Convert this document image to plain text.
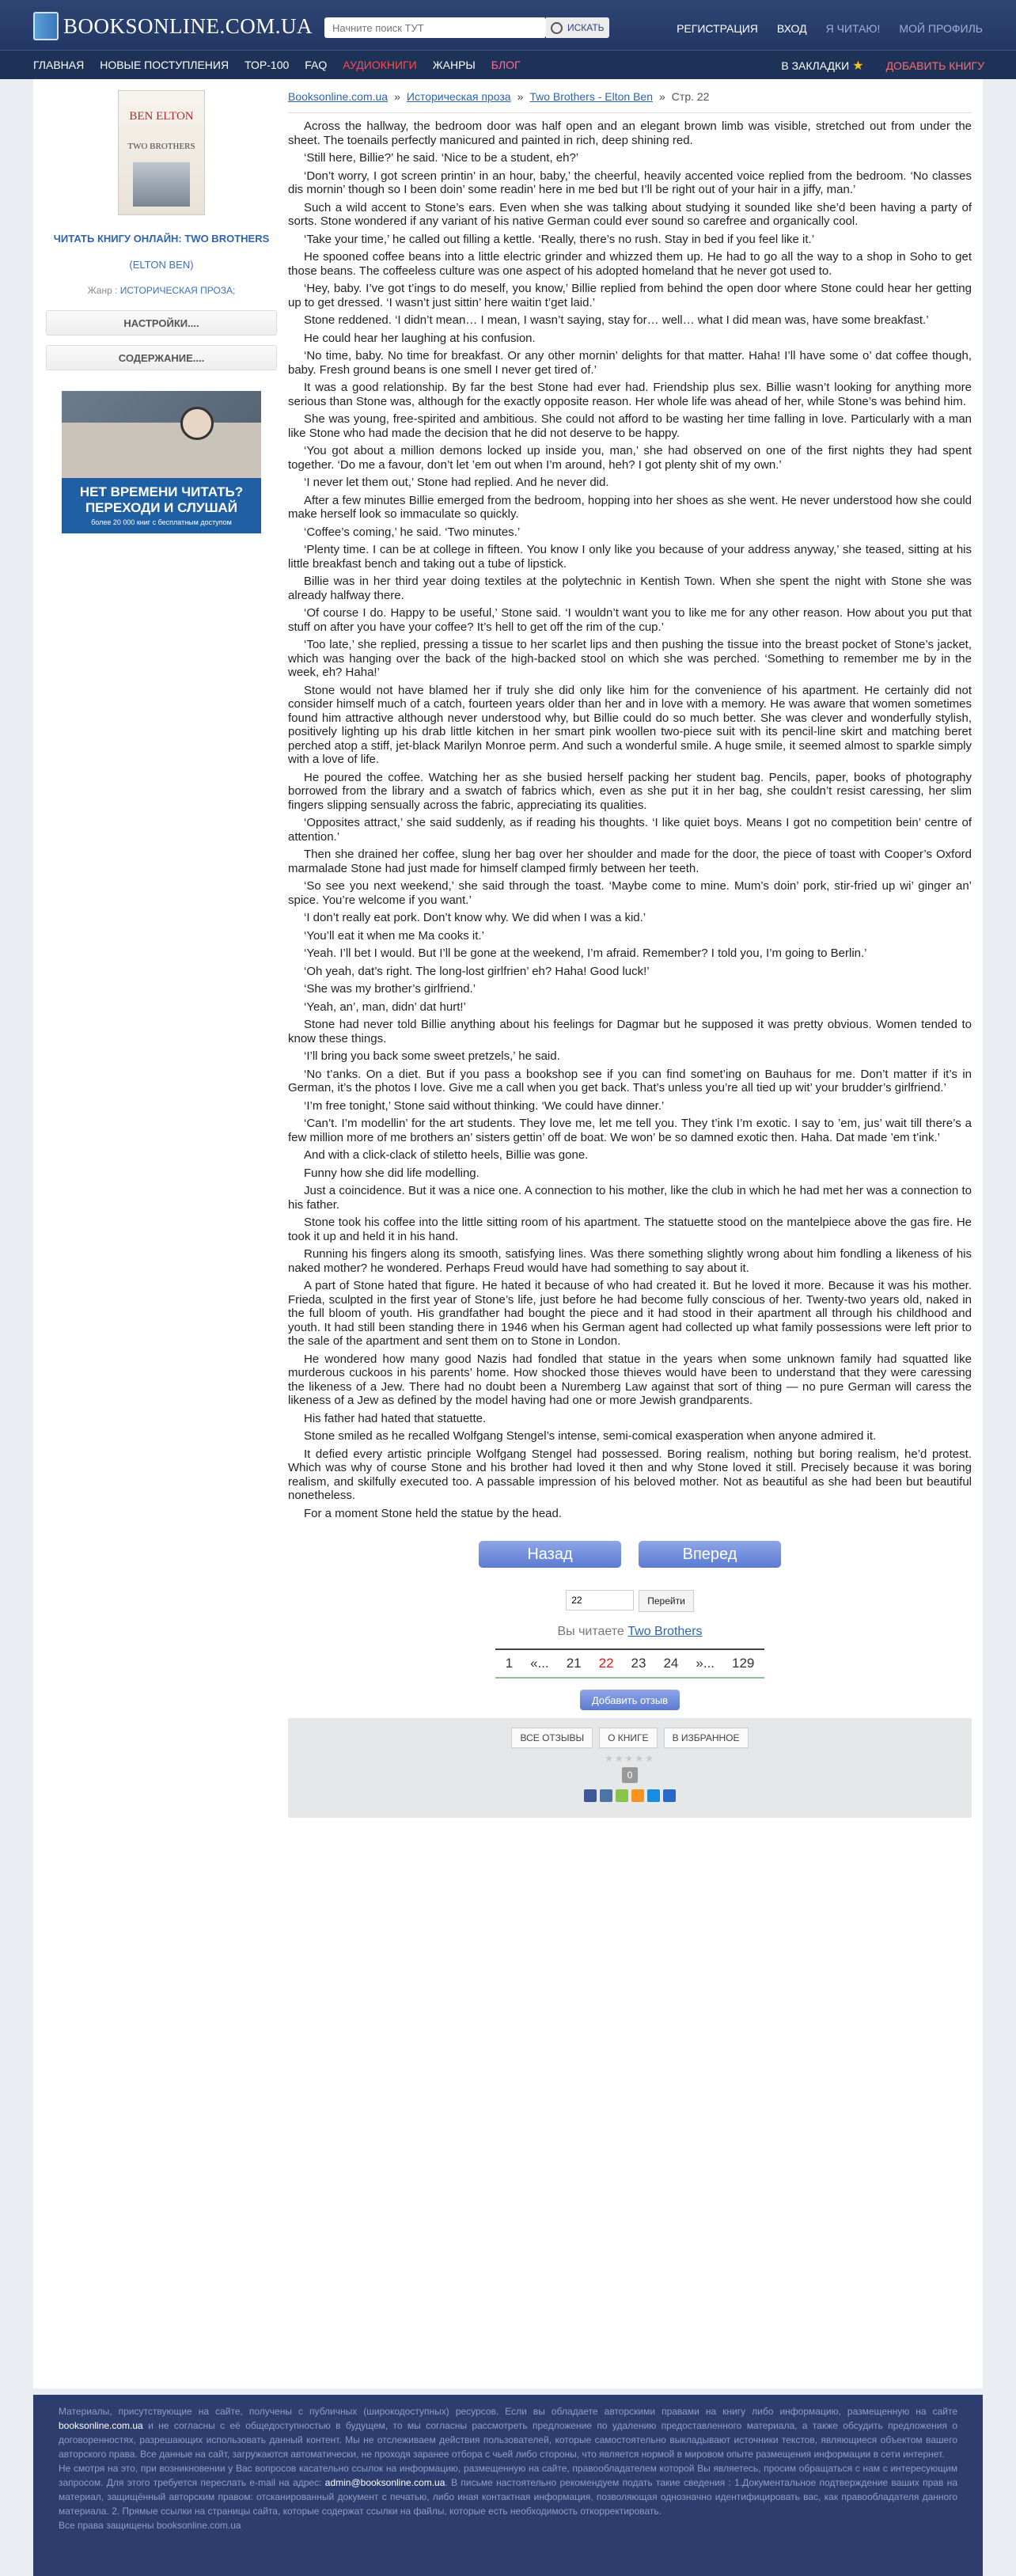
BOOKSONLINE.COM.UA
Начните поиск ТУТ	ИСКАТЬ	РЕГИСТРАЦИЯ ВХОД Я ЧИТАЮ! МОЙ ПРОФИЛЬ
ГЛАВНАЯ НОВЫЕ ПОСТУПЛЕНИЯ ТОР-100 FAQ АУДИОКНИГИ ЖАНРЫ БЛОГ	В ЗАКЛАДКИ ★ ДОБАВИТЬ КНИГУ
BEN ELTON
TWO BROTHERS
ЧИТАТЬ КНИГУ ОНЛАЙН: TWO BROTHERS
(ELTON BEN)
Жанр : ИСТОРИЧЕСКАЯ ПРОЗА;
НАСТРОЙКИ....
СОДЕРЖАНИЕ....
НЕТ ВРЕМЕНИ ЧИТАТЬ?
ПЕРЕХОДИ И СЛУШАЙ
более 20 000 книг с бесплатным доступом
Booksonline.com.ua » Историческая проза » Two Brothers - Elton Ben » Стр. 22

Across the hallway, the bedroom door was half open and an elegant brown limb was visible, stretched out from under the sheet. The toenails perfectly manicured and painted in rich, deep shining red.

‘Still here, Billie?’ he said. ‘Nice to be a student, eh?’

‘Don’t worry, I got screen printin’ in an hour, baby,’ the cheerful, heavily accented voice replied from the bedroom. ‘No classes dis mornin’ though so I been doin’ some readin’ here in me bed but I’ll be right out of your hair in a jiffy, man.’

Such a wild accent to Stone’s ears. Even when she was talking about studying it sounded like she’d been having a party of sorts. Stone wondered if any variant of his native German could ever sound so carefree and organically cool.

‘Take your time,’ he called out filling a kettle. ‘Really, there’s no rush. Stay in bed if you feel like it.’

He spooned coffee beans into a little electric grinder and whizzed them up. He had to go all the way to a shop in Soho to get those beans. The coffeeless culture was one aspect of his adopted homeland that he never got used to.

‘Hey, baby. I’ve got t’ings to do meself, you know,’ Billie replied from behind the open door where Stone could hear her getting up to get dressed. ‘I wasn’t just sittin’ here waitin t’get laid.’

Stone reddened. ‘I didn’t mean… I mean, I wasn’t saying, stay for… well… what I did mean was, have some breakfast.’

He could hear her laughing at his confusion.

‘No time, baby. No time for breakfast. Or any other mornin’ delights for that matter. Haha! I’ll have some o’ dat coffee though, baby. Fresh ground beans is one smell I never get tired of.’

It was a good relationship. By far the best Stone had ever had. Friendship plus sex. Billie wasn’t looking for anything more serious than Stone was, although for the exactly opposite reason. Her whole life was ahead of her, while Stone’s was behind him.

She was young, free-spirited and ambitious. She could not afford to be wasting her time falling in love. Particularly with a man like Stone who had made the decision that he did not deserve to be happy.

‘You got about a million demons locked up inside you, man,’ she had observed on one of the first nights they had spent together. ‘Do me a favour, don’t let ’em out when I’m around, heh? I got plenty shit of my own.’

‘I never let them out,’ Stone had replied. And he never did.

After a few minutes Billie emerged from the bedroom, hopping into her shoes as she went. He never understood how she could make herself look so immaculate so quickly.

‘Coffee’s coming,’ he said. ‘Two minutes.’

‘Plenty time. I can be at college in fifteen. You know I only like you because of your address anyway,’ she teased, sitting at his little breakfast bench and taking out a tube of lipstick.

Billie was in her third year doing textiles at the polytechnic in Kentish Town. When she spent the night with Stone she was already halfway there.

‘Of course I do. Happy to be useful,’ Stone said. ‘I wouldn’t want you to like me for any other reason. How about you put that stuff on after you have your coffee? It’s hell to get off the rim of the cup.’

‘Too late,’ she replied, pressing a tissue to her scarlet lips and then pushing the tissue into the breast pocket of Stone’s jacket, which was hanging over the back of the high-backed stool on which she was perched. ‘Something to remember me by in the week, eh? Haha!’

Stone would not have blamed her if truly she did only like him for the convenience of his apartment. He certainly did not consider himself much of a catch, fourteen years older than her and in love with a memory. He was aware that women sometimes found him attractive although never understood why, but Billie could do so much better. She was clever and wonderfully stylish, positively lighting up his drab little kitchen in her smart pink woollen two-piece suit with its pencil-line skirt and matching beret perched atop a stiff, jet-black Marilyn Monroe perm. And such a wonderful smile. A huge smile, it seemed almost to sparkle simply with a love of life.

He poured the coffee. Watching her as she busied herself packing her student bag. Pencils, paper, books of photography borrowed from the library and a swatch of fabrics which, even as she put it in her bag, she couldn’t resist caressing, her slim fingers slipping sensually across the fabric, appreciating its qualities.

‘Opposites attract,’ she said suddenly, as if reading his thoughts. ‘I like quiet boys. Means I got no competition bein’ centre of attention.’

Then she drained her coffee, slung her bag over her shoulder and made for the door, the piece of toast with Cooper’s Oxford marmalade Stone had just made for himself clamped firmly between her teeth.

‘So see you next weekend,’ she said through the toast. ‘Maybe come to mine. Mum’s doin’ pork, stir-fried up wi’ ginger an’ spice. You’re welcome if you want.’

‘I don’t really eat pork. Don’t know why. We did when I was a kid.’

‘You’ll eat it when me Ma cooks it.’

‘Yeah. I’ll bet I would. But I’ll be gone at the weekend, I’m afraid. Remember? I told you, I’m going to Berlin.’

‘Oh yeah, dat’s right. The long-lost girlfrien’ eh? Haha! Good luck!’

‘She was my brother’s girlfriend.’

‘Yeah, an’, man, didn’ dat hurt!’

Stone had never told Billie anything about his feelings for Dagmar but he supposed it was pretty obvious. Women tended to know these things.

‘I’ll bring you back some sweet pretzels,’ he said.

‘No t’anks. On a diet. But if you pass a bookshop see if you can find somet’ing on Bauhaus for me. Don’t matter if it’s in German, it’s the photos I love. Give me a call when you get back. That’s unless you’re all tied up wit’ your brudder’s girlfriend.’

‘I’m free tonight,’ Stone said without thinking. ‘We could have dinner.’

‘Can’t. I’m modellin’ for the art students. They love me, let me tell you. They t’ink I’m exotic. I say to ’em, jus’ wait till there’s a few million more of me brothers an’ sisters gettin’ off de boat. We won’ be so damned exotic then. Haha. Dat made ’em t’ink.’

And with a click-clack of stiletto heels, Billie was gone.

Funny how she did life modelling.

Just a coincidence. But it was a nice one. A connection to his mother, like the club in which he had met her was a connection to his father.

Stone took his coffee into the little sitting room of his apartment. The statuette stood on the mantelpiece above the gas fire. He took it up and held it in his hand.

Running his fingers along its smooth, satisfying lines. Was there something slightly wrong about him fondling a likeness of his naked mother? he wondered. Perhaps Freud would have had something to say about it.

A part of Stone hated that figure. He hated it because of who had created it. But he loved it more. Because it was his mother. Frieda, sculpted in the first year of Stone’s life, just before he had become fully conscious of her. Twenty-two years old, naked in the full bloom of youth. His grandfather had bought the piece and it had stood in their apartment all through his childhood and youth. It had still been standing there in 1946 when his German agent had collected up what family possessions were left prior to the sale of the apartment and sent them on to Stone in London.

He wondered how many good Nazis had fondled that statue in the years when some unknown family had squatted like murderous cuckoos in his parents’ home. How shocked those thieves would have been to understand that they were caressing the likeness of a Jew. There had no doubt been a Nuremberg Law against that sort of thing — no pure German will caress the likeness of a Jew as defined by the model having had one or more Jewish grandparents.

His father had hated that statuette.

Stone smiled as he recalled Wolfgang Stengel’s intense, semi-comical exasperation when anyone admired it.

It defied every artistic principle Wolfgang Stengel had possessed. Boring realism, nothing but boring realism, he’d protest. Which was why of course Stone and his brother had loved it then and why Stone loved it still. Precisely because it was boring realism, and skilfully executed too. A passable impression of his beloved mother. Not as beautiful as she had been but beautiful nonetheless.

For a moment Stone held the statue by the head.

Назад	Вперед
22
Перейти
Вы читаете Two Brothers
1	«...	21	22	23	24	»...	129
Добавить отзыв
ВСЕ ОТЗЫВЫ	О КНИГЕ	В ИЗБРАННОЕ
★★★★★
0

Материалы, присутствующие на сайте, получены с публичных (широкодоступных) ресурсов. Если вы обладаете авторскими правами на книгу либо информацию, размещенную на сайте booksonline.com.ua и не согласны с её общедоступностью в будущем, то мы согласны рассмотреть предложение по удалению предоставленного материала, а также обсудить предложения о договоренностях, разрешающих использовать данный контент. Мы не отслеживаем действия пользователей, которые самостоятельно выкладывают источники текстов, являющиеся объектом вашего авторского права. Все данные на сайт, загружаются автоматически, не проходя заранее отбора с чьей либо стороны, что является нормой в мировом опыте размещения информации в сети интернет.

Не смотря на это, при возникновении у Вас вопросов касательно ссылок на информацию, размещенную на сайте, правообладателем которой Вы являетесь, просим обращаться с нам с интересующим запросом. Для этого требуется переслать e-mail на адрес: admin@booksonline.com.ua. В письме настоятельно рекомендуем подать такие сведения : 1.Документальное подтверждение ваших прав на материал, защищённый авторским правом: отсканированный документ с печатью, либо иная контактная информация, позволяющая однозначно идентифицировать вас, как правообладателя данного материала. 2. Прямые ссылки на страницы сайта, которые содержат ссылки на файлы, которые есть необходимость откорректировать.

Все права защищены booksonline.com.ua
